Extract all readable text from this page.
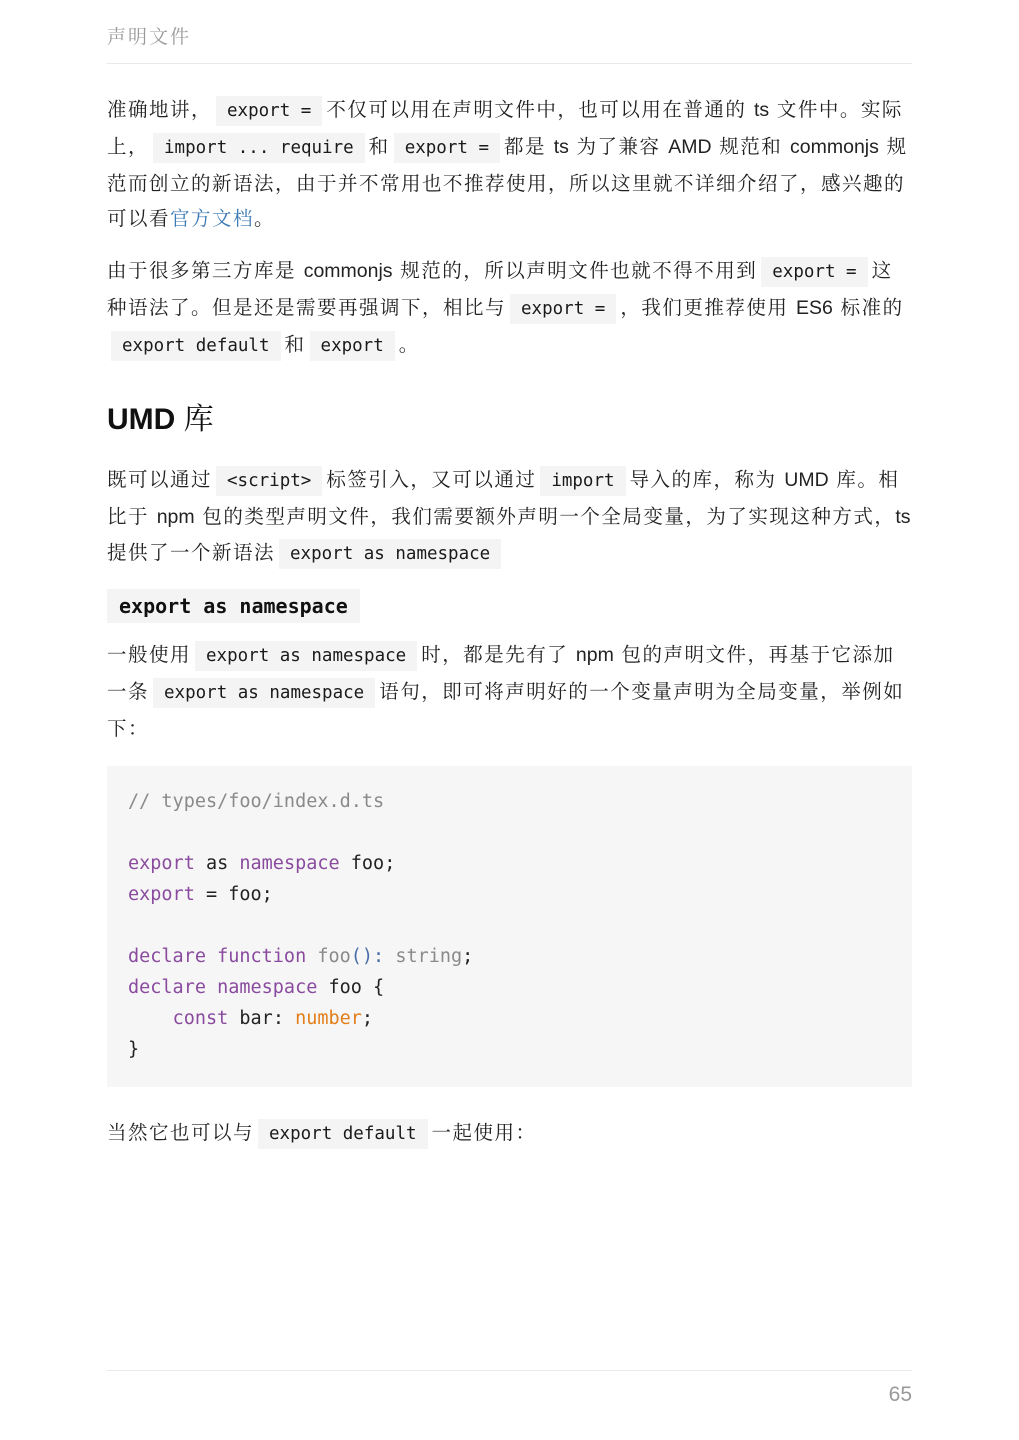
声明文件

准确地讲， export = 不仅可以用在声明文件中，也可以用在普通的 ts 文件中。实际上， import ... require 和 export = 都是 ts 为了兼容 AMD 规范和 commonjs 规范而创立的新语法，由于并不常用也不推荐使用，所以这里就不详细介绍了，感兴趣的可以看官方文档。

由于很多第三方库是 commonjs 规范的，所以声明文件也就不得不用到 export = 这种语法了。但是还是需要再强调下，相比与 export = ，我们更推荐使用 ES6 标准的export default 和 export 。

UMD 库

既可以通过 <script> 标签引入，又可以通过 import 导入的库，称为 UMD 库。相比于 npm 包的类型声明文件，我们需要额外声明一个全局变量，为了实现这种方式，ts 提供了一个新语法 export as namespace

export as namespace

一般使用 export as namespace 时，都是先有了 npm 包的声明文件，再基于它添加一条 export as namespace 语句，即可将声明好的一个变量声明为全局变量，举例如下：

// types/foo/index.d.ts

export as namespace foo;
export = foo;

declare function foo(): string;
declare namespace foo {
const bar: number;
}

当然它也可以与 export default 一起使用：

65
